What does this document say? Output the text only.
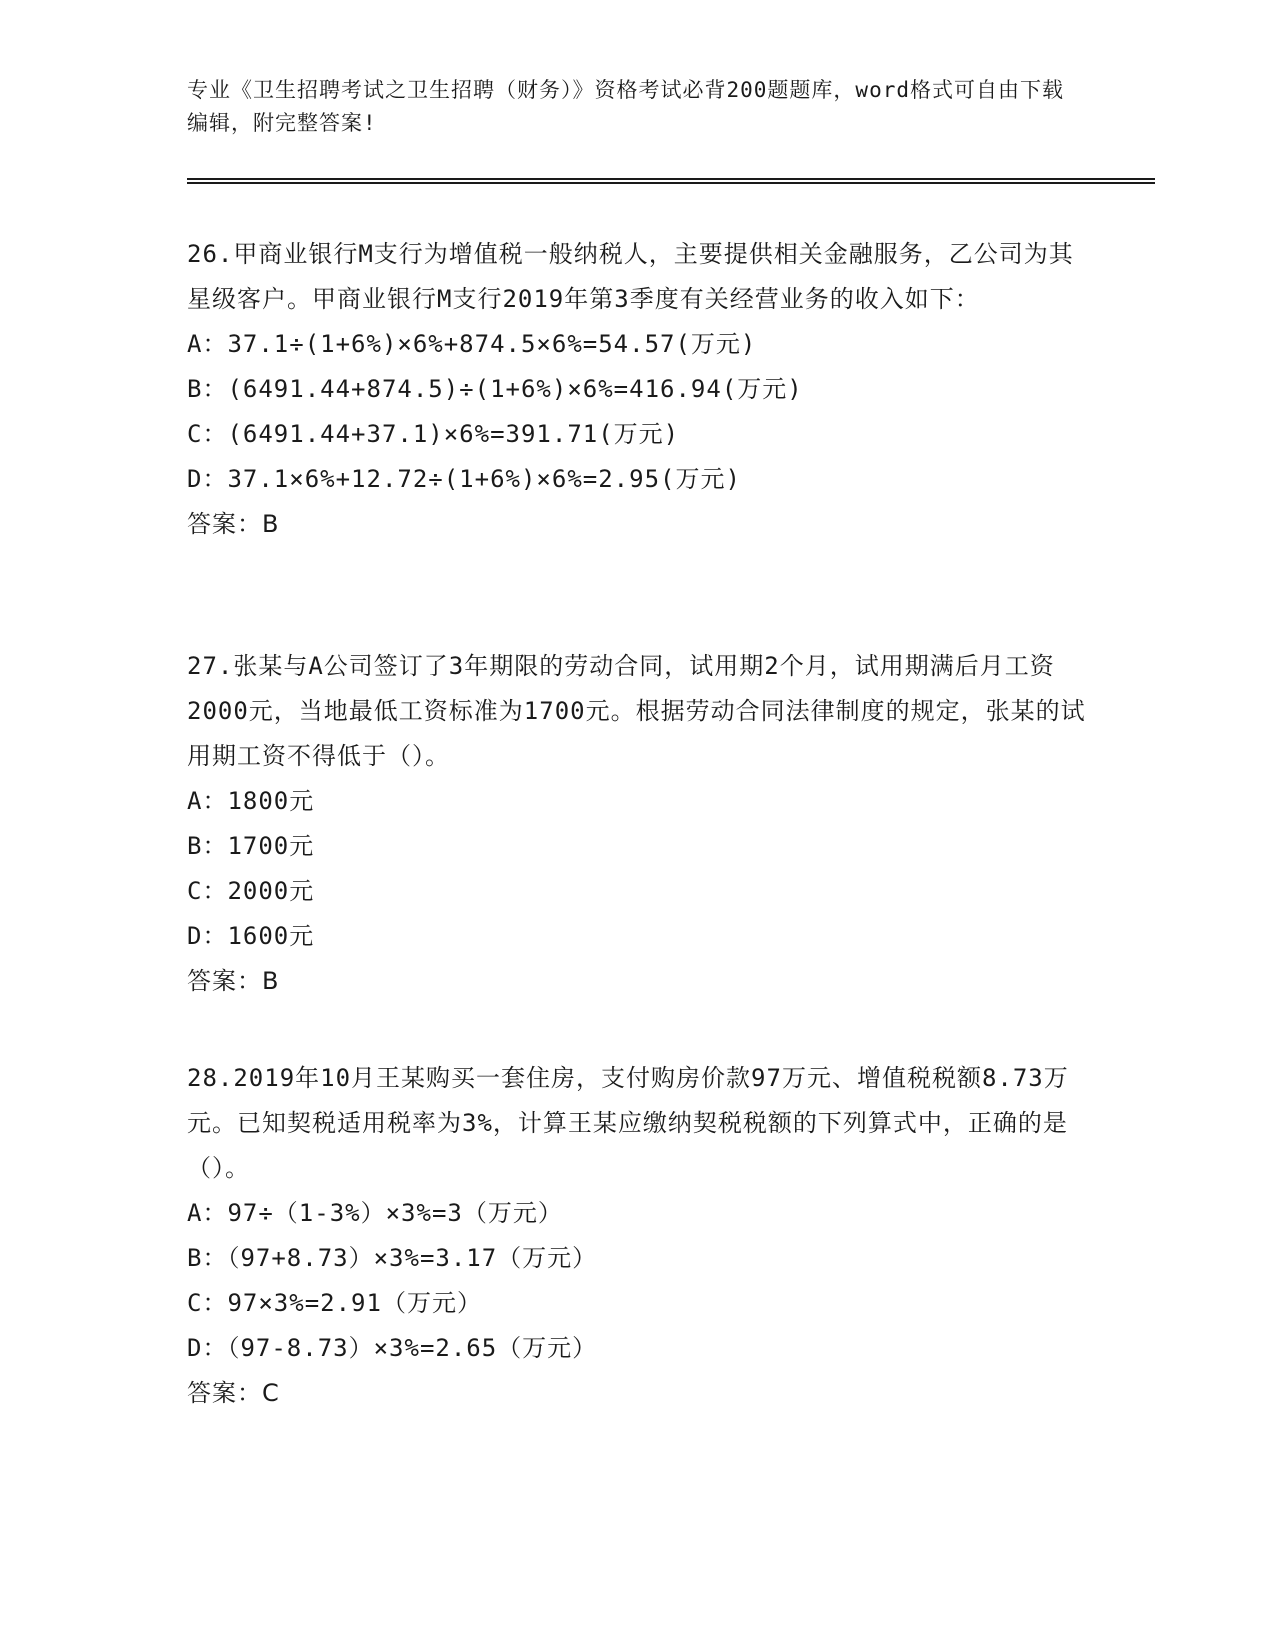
专业《卫生招聘考试之卫生招聘（财务）》资格考试必背200题题库，word格式可自由下载编辑，附完整答案!

26.甲商业银行M支行为增值税一般纳税人，主要提供相关金融服务，乙公司为其星级客户。甲商业银行M支行2019年第3季度有关经营业务的收入如下：

A：37.1÷(1+6%)×6%+874.5×6%=54.57(万元)

B：(6491.44+874.5)÷(1+6%)×6%=416.94(万元)

C：(6491.44+37.1)×6%=391.71(万元)

D：37.1×6%+12.72÷(1+6%)×6%=2.95(万元)

答案：B

27.张某与A公司签订了3年期限的劳动合同，试用期2个月，试用期满后月工资2000元，当地最低工资标准为1700元。根据劳动合同法律制度的规定，张某的试用期工资不得低于（）。

A：1800元

B：1700元

C：2000元

D：1600元

答案：B

28.2019年10月王某购买一套住房，支付购房价款97万元、增值税税额8.73万元。已知契税适用税率为3%，计算王某应缴纳契税税额的下列算式中，正确的是（）。

A：97÷（1-3%）×3%=3（万元）

B：（97+8.73）×3%=3.17（万元）

C：97×3%=2.91（万元）

D：（97-8.73）×3%=2.65（万元）

答案：C
